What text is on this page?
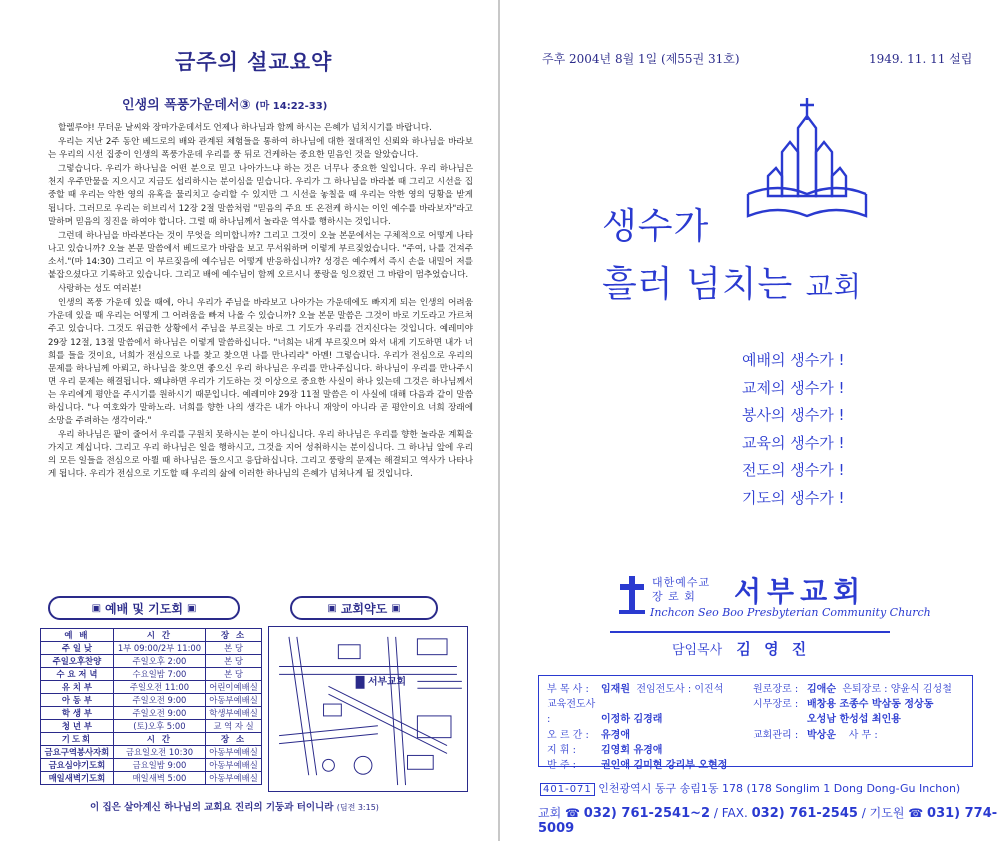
금주의 설교요약
인생의 폭풍가운데서③ (마 14:22-33)

할렐루야! 무더운 날씨와 장마가운데서도 언제나 하나님과 함께 하시는 은혜가 넘치시기를 바랍니다.

우리는 지난 2주 동안 베드로의 배와 관계된 체험들을 통하여 하나님에 대한 절대적인 신뢰와 하나님을 바라보는 우리의 시선 집중이 인생의 폭풍가운데 우리를 풍 뒤로 건케하는 중요한 믿음인 것을 알았습니다.

그렇습니다. 우리가 하나님을 어떤 분으로 믿고 나아가느냐 하는 것은 너무나 중요한 일입니다. 우리 하나님은 천지 우주만물을 지으시고 지금도 섭리하시는 분이심을 믿습니다. 우리가 그 하나님을 바라볼 때 그리고 시선을 집중할 때 우리는 악한 영의 유혹을 물리치고 승리할 수 있지만 그 시선을 놓칠을 때 우리는 악한 영의 딩황을 받게 됩니다. 그러므로 우리는 히브리서 12장 2절 말씀처럼 "믿음의 주요 또 온전케 하시는 이인 예수를 바라보자"라고 말하며 믿음의 징진을 하여야 합니다. 그럴 때 하나님께서 놀라운 역사를 행하시는 것입니다.

그런데 하나님을 바라본다는 것이 무엇을 의미합니까? 그리고 그것이 오늘 본문에서는 구체적으로 어떻게 나타나고 있습니까? 오늘 본문 말씀에서 베드로가 바람을 보고 무서워하며 이렇게 부르짖었습니다. "주여, 나를 건져주소서."(마 14:30) 그리고 이 부르짖음에 예수님은 어떻게 반응하십니까? 성경은 예수께서 즉시 손을 내밀어 저를 붙잡으셨다고 기록하고 있습니다. 그리고 배에 예수님이 함께 오르시니 풍랑을 잉으켰던 그 바람이 멈추었습니다.

사랑하는 성도 여러분!

인생의 폭풍 가운데 있을 때에, 아니 우리가 주님을 바라보고 나아가는 가운데에도 빠지게 되는 인생의 어려움 가운데 있을 때 우리는 어떻게 그 어려움을 빠져 나올 수 있습니까? 오늘 본문 말씀은 그것이 바로 기도라고 가르쳐주고 있습니다. 그것도 위급한 상황에서 주님을 부르짖는 바로 그 기도가 우리를 건지신다는 것입니다. 예레미야 29장 12절, 13절 말씀에서 하나님은 이렇게 말씀하십니다. "너희는 내게 부르짖으며 와서 내게 기도하면 내가 너희를 들을 것이요, 너희가 전심으로 나를 찾고 찾으면 나를 만나리라" 아멘! 그렇습니다. 우리가 전심으로 우리의 문제를 하나님께 아뢰고, 하나님을 찾으면 좋으신 우리 하나님은 우리를 만나주십니다. 하나님이 우리를 만나주시면 우리 문제는 해결됩니다. 왜냐하면 우리가 기도하는 것 이상으로 중요한 사실이 하나 있는데 그것은 하나님께서는 우리에게 평안을 주시기를 원하시기 때문입니다. 예레미야 29장 11절 말씀은 이 사실에 대해 다음과 같이 말씀하십니다. "나 여호와가 말하노라. 너희를 향한 나의 생각은 내가 아나니 재앙이 아니라 곧 평안이요 너희 장래에 소망을 주려하는 생각이라."

우리 하나님은 팥이 줄어서 우리를 구원치 못하시는 분이 아니십니다. 우리 하나님은 우리를 향한 놀라운 계획을 가지고 계십니다. 그리고 우리 하나님은 일을 행하시고, 그것을 지어 성취하시는 분이십니다. 그 하나님 앞에 우리의 모든 일들을 전심으로 아뢸 때 하나님은 들으시고 응답하십니다. 그리고 풍랑의 문제는 해결되고 역사가 나타나게 됩니다. 우리가 전심으로 기도할 때 우리의 삶에 이러한 하나님의 은혜가 넘쳐나게 될 것입니다.

▣ 예배 및 기도회 ▣	▣ 교회약도 ▣
예 배	시 간	장 소
주 일 낮	1부 09:00/2부 11:00	본 당
주일오후찬양	주일오후 2:00	본 당
수 요 저 녁	수요일밤 7:00	본 당
유 치 부	주일오전 11:00	어린이예배실
아 동 부	주일오전 9:00	아동부예배실
학 생 부	주일오전 9:00	학생부예배실
청 년 부	(토)오후 5:00	교 역 자 실
기도회	시 간	장 소
금요구역봉사자회	금요일오전 10:30	아동부예배실
금요심야기도회	금요일밤 9:00	아동부예배실
매일새벽기도회	매일새벽 5:00	아동부예배실
서부교회
이 집은 살아계신 하나님의 교회요 진리의 기둥과 터이니라 (딤전 3:15)
주후 2004년 8월 1일 (제55권 31호)	1949. 11. 11 설립
생수가
흘러 넘치는 교회
예배의 생수가 !
교제의 생수가 !
봉사의 생수가 !
교육의 생수가 !
전도의 생수가 !
기도의 생수가 !
대한예수교
장 로 회	서부교회
Inchcon Seo Boo Presbyterian Community Church
담임목사 김 영 진
부 목 사 : 임재원 전임전도사 : 이진석
교육전도사 :	이정하 김경래
오 르 간 : 유경애
지 휘 : 김영회 유경애
반 주 : 권인애 김미현 강리부 오현정
원로장로 : 김애순 은퇴장로 : 양윤식 김성철
시무장로 : 배창용 조종수 박삼동 정상동
오성남 한성섭 최인용
교회관리 : 박상운 사 무 :
401-071 인천광역시 동구 송림1동 178 (178 Songlim 1 Dong Dong-Gu Inchon)
교회 ☎ 032) 761-2541~2 / FAX. 032) 761-2545 / 기도원 ☎ 031) 774-5009
